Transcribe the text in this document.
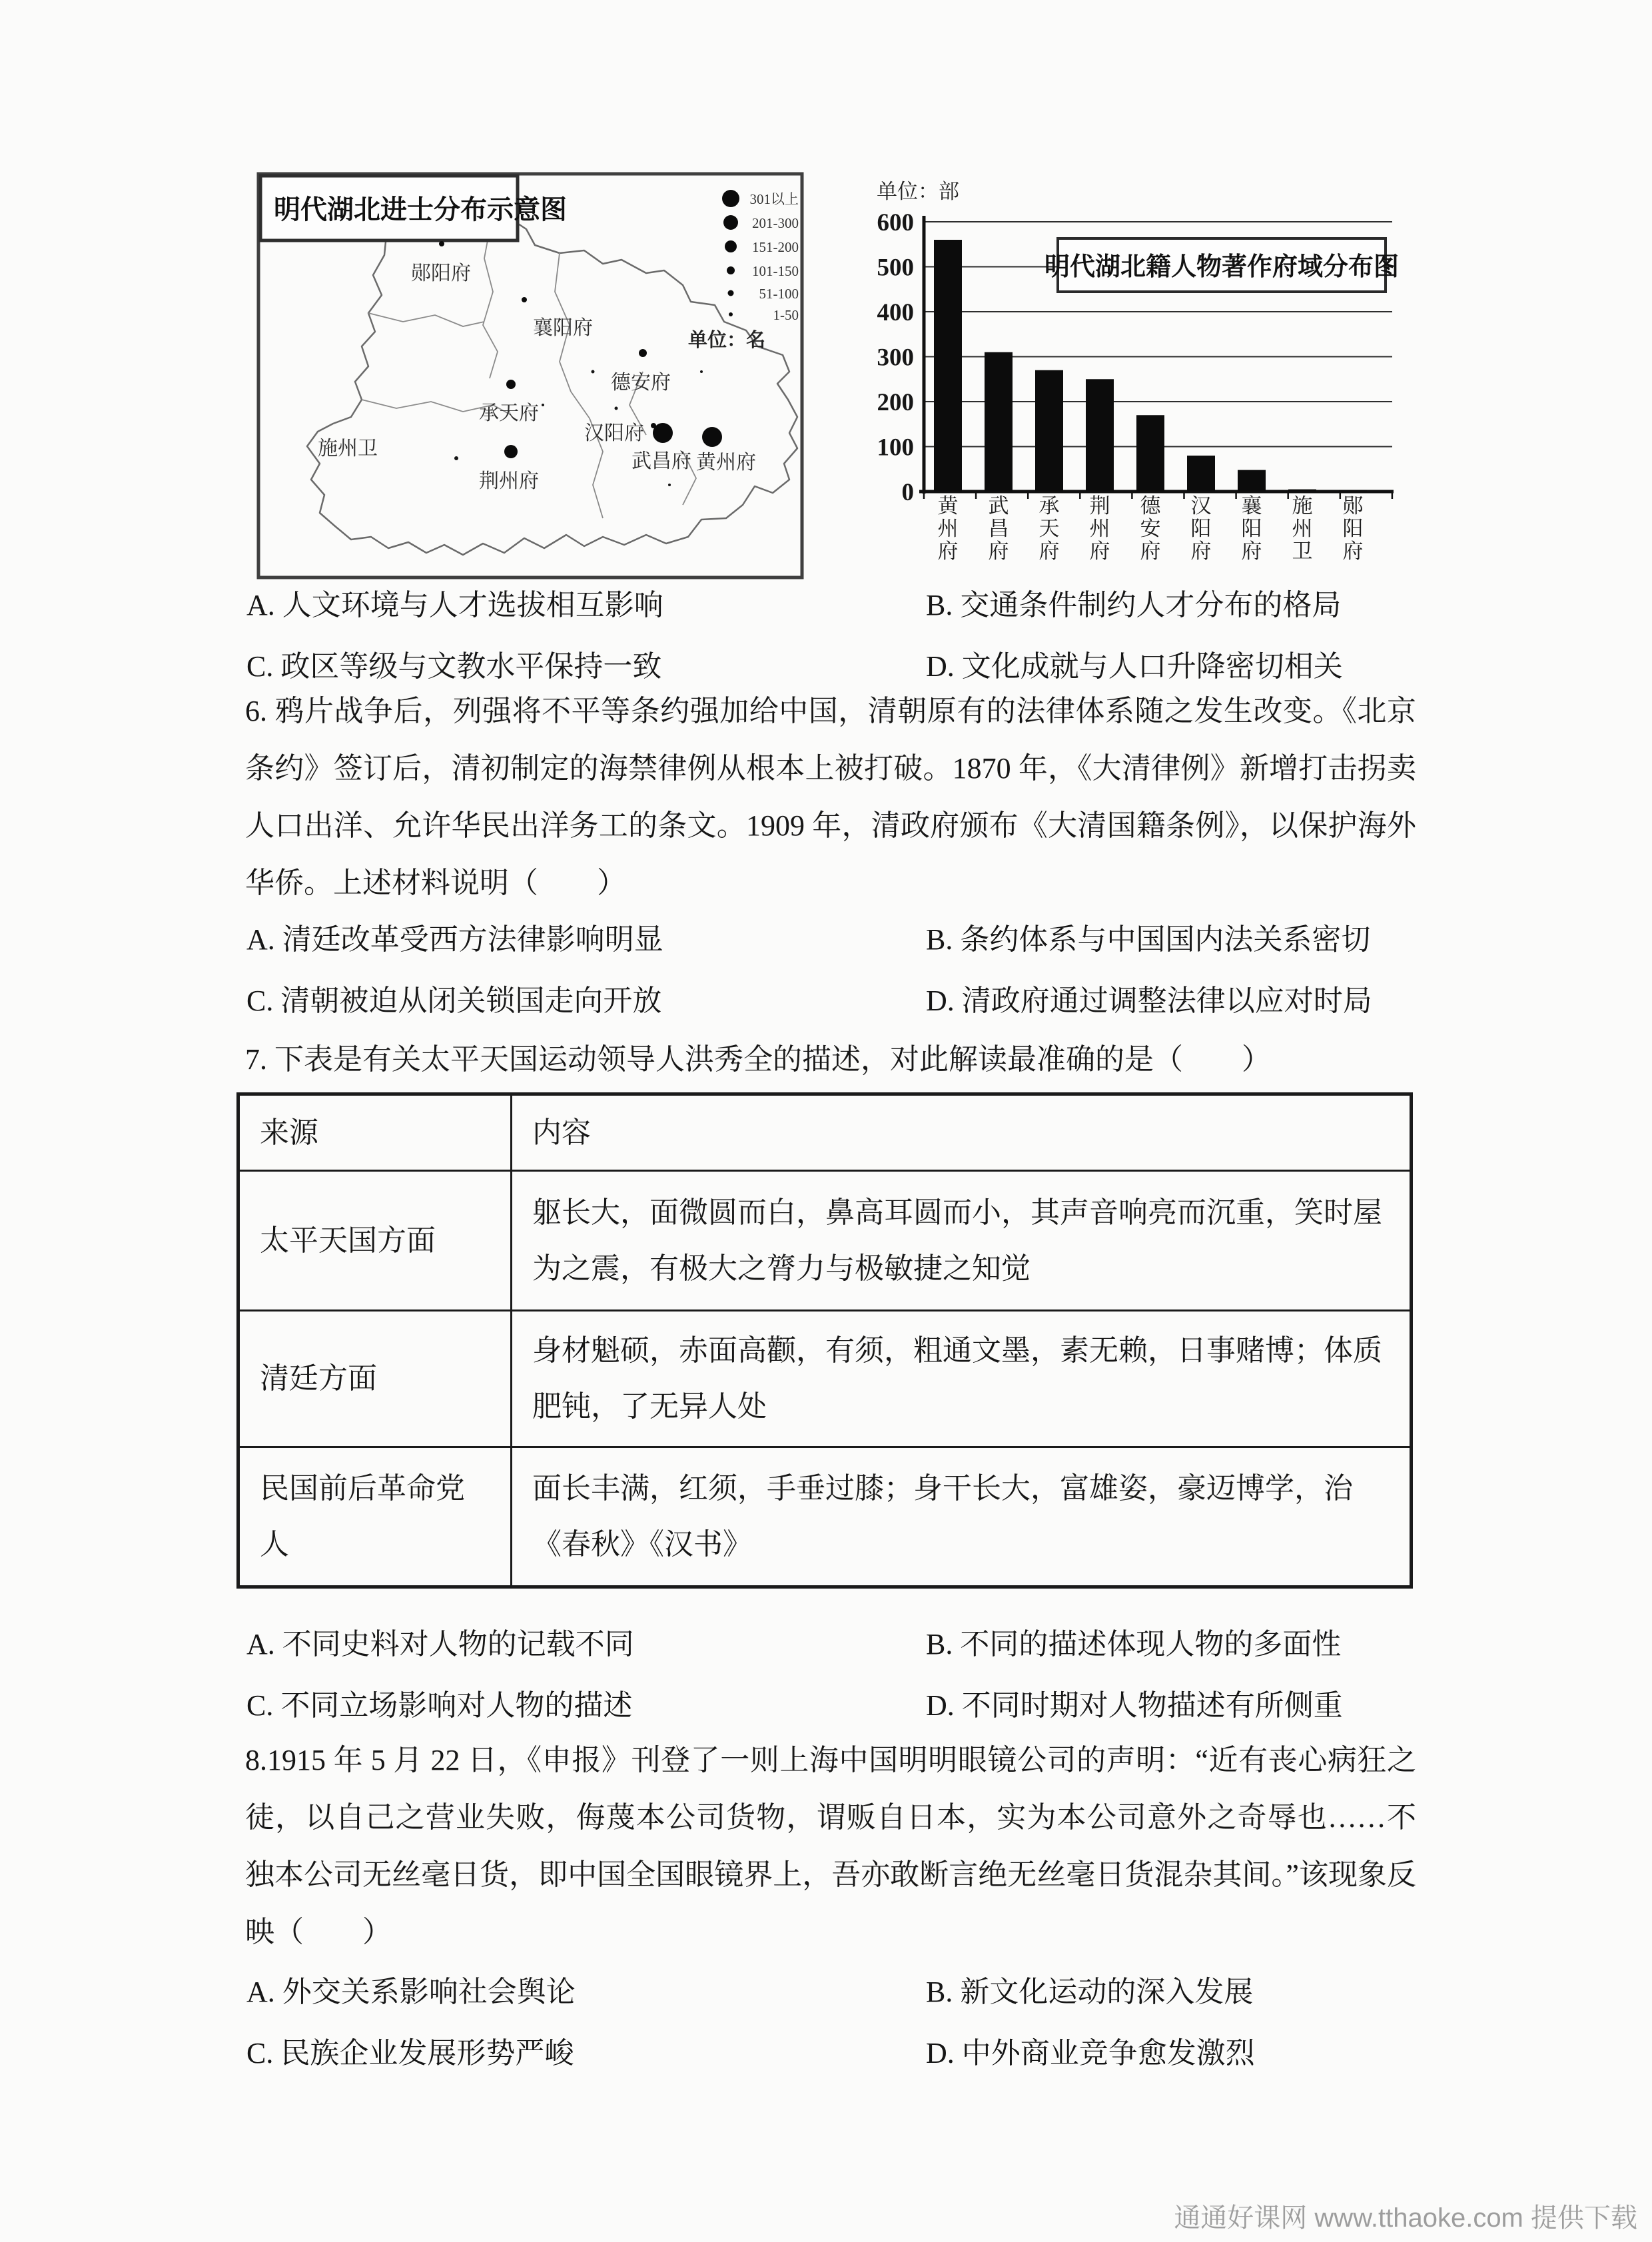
明代湖北进士分布示意图
单位：名
郧阳府
襄阳府
德安府
承天府
荆州府
施州卫
汉阳府
武昌府 黄州府
301以上
201-300
151-200
101-150
51-100
1-50
单位：部
0
100
200
300
400
500
600
黄州府
武昌府
承天府
荆州府
德安府
汉阳府
襄阳府
施州卫
郧阳府
明代湖北籍人物著作府域分布图
A. 人文环境与人才选拔相互影响	B. 交通条件制约人才分布的格局
C. 政区等级与文教水平保持一致	D. 文化成就与人口升降密切相关
6. 鸦片战争后，列强将不平等条约强加给中国，清朝原有的法律体系随之发生改变。《北京条约》签订后，清初制定的海禁律例从根本上被打破。1870 年，《大清律例》新增打击拐卖人口出洋、允许华民出洋务工的条文。1909 年，清政府颁布《大清国籍条例》，以保护海外华侨。上述材料说明（　　）
A. 清廷改革受西方法律影响明显	B. 条约体系与中国国内法关系密切
C. 清朝被迫从闭关锁国走向开放	D. 清政府通过调整法律以应对时局
7. 下表是有关太平天国运动领导人洪秀全的描述，对此解读最准确的是（　　）
来源	内容
太平天国方面	躯长大，面微圆而白，鼻高耳圆而小，其声音响亮而沉重，笑时屋为之震，有极大之膂力与极敏捷之知觉
清廷方面	身材魁硕，赤面高颧，有须，粗通文墨，素无赖，日事赌博；体质肥钝，了无异人处
民国前后革命党人	面长丰满，红须，手垂过膝；身干长大，富雄姿，豪迈博学，治《春秋》《汉书》
A. 不同史料对人物的记载不同	B. 不同的描述体现人物的多面性
C. 不同立场影响对人物的描述	D. 不同时期对人物描述有所侧重
8.1915 年 5 月 22 日，《申报》刊登了一则上海中国明明眼镜公司的声明：“近有丧心病狂之徒，以自己之营业失败，侮蔑本公司货物，谓贩自日本，实为本公司意外之奇辱也……不独本公司无丝毫日货，即中国全国眼镜界上，吾亦敢断言绝无丝毫日货混杂其间。”该现象反映（　　）
A. 外交关系影响社会舆论	B. 新文化运动的深入发展
C. 民族企业发展形势严峻	D. 中外商业竞争愈发激烈
通通好课网 www.tthaoke.com 提供下载
